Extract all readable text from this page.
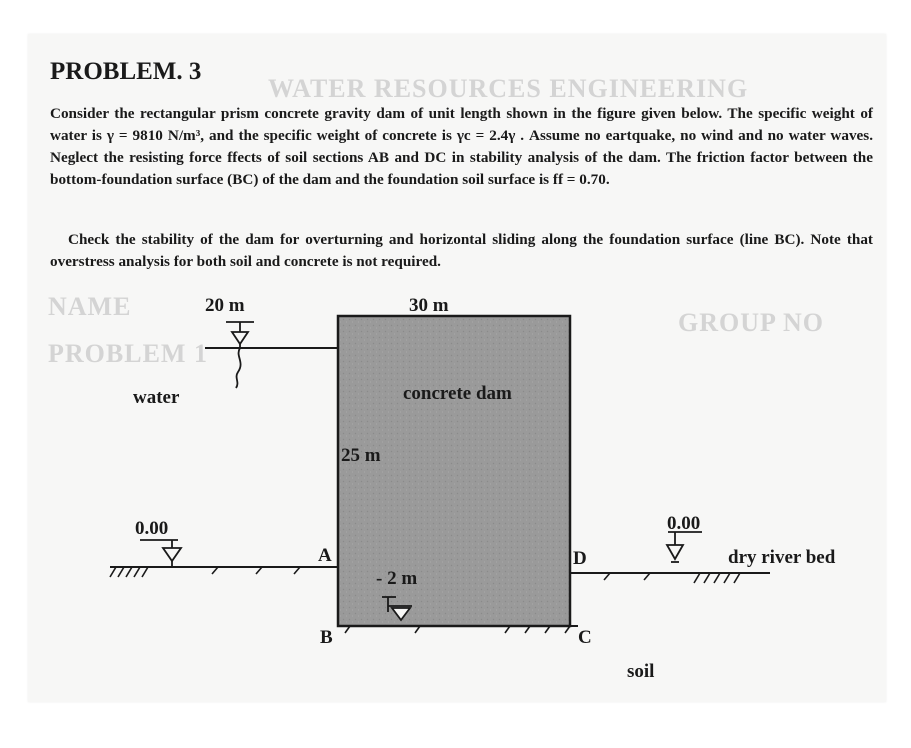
WATER RESOURCES ENGINEERING
NAME
GROUP NO
PROBLEM 1
PROBLEM. 3

Consider the rectangular prism concrete gravity dam of unit length shown in the figure given below. The specific weight of water is γ = 9810 N/m³, and the specific weight of concrete is γc = 2.4γ . Assume no eartquake, no wind and no water waves. Neglect the resisting force ffects of soil sections AB and DC in stability analysis of the dam. The friction factor between the bottom-foundation surface (BC) of the dam and the foundation soil surface is ff = 0.70.

Check the stability of the dam for overturning and horizontal sliding along the foundation surface (line BC). Note that overstress analysis for both soil and concrete is not required.

20 m	30 m
water	concrete dam
25 m
0.00	0.00
- 2 m
A
B	C
D	dry river bed
soil
